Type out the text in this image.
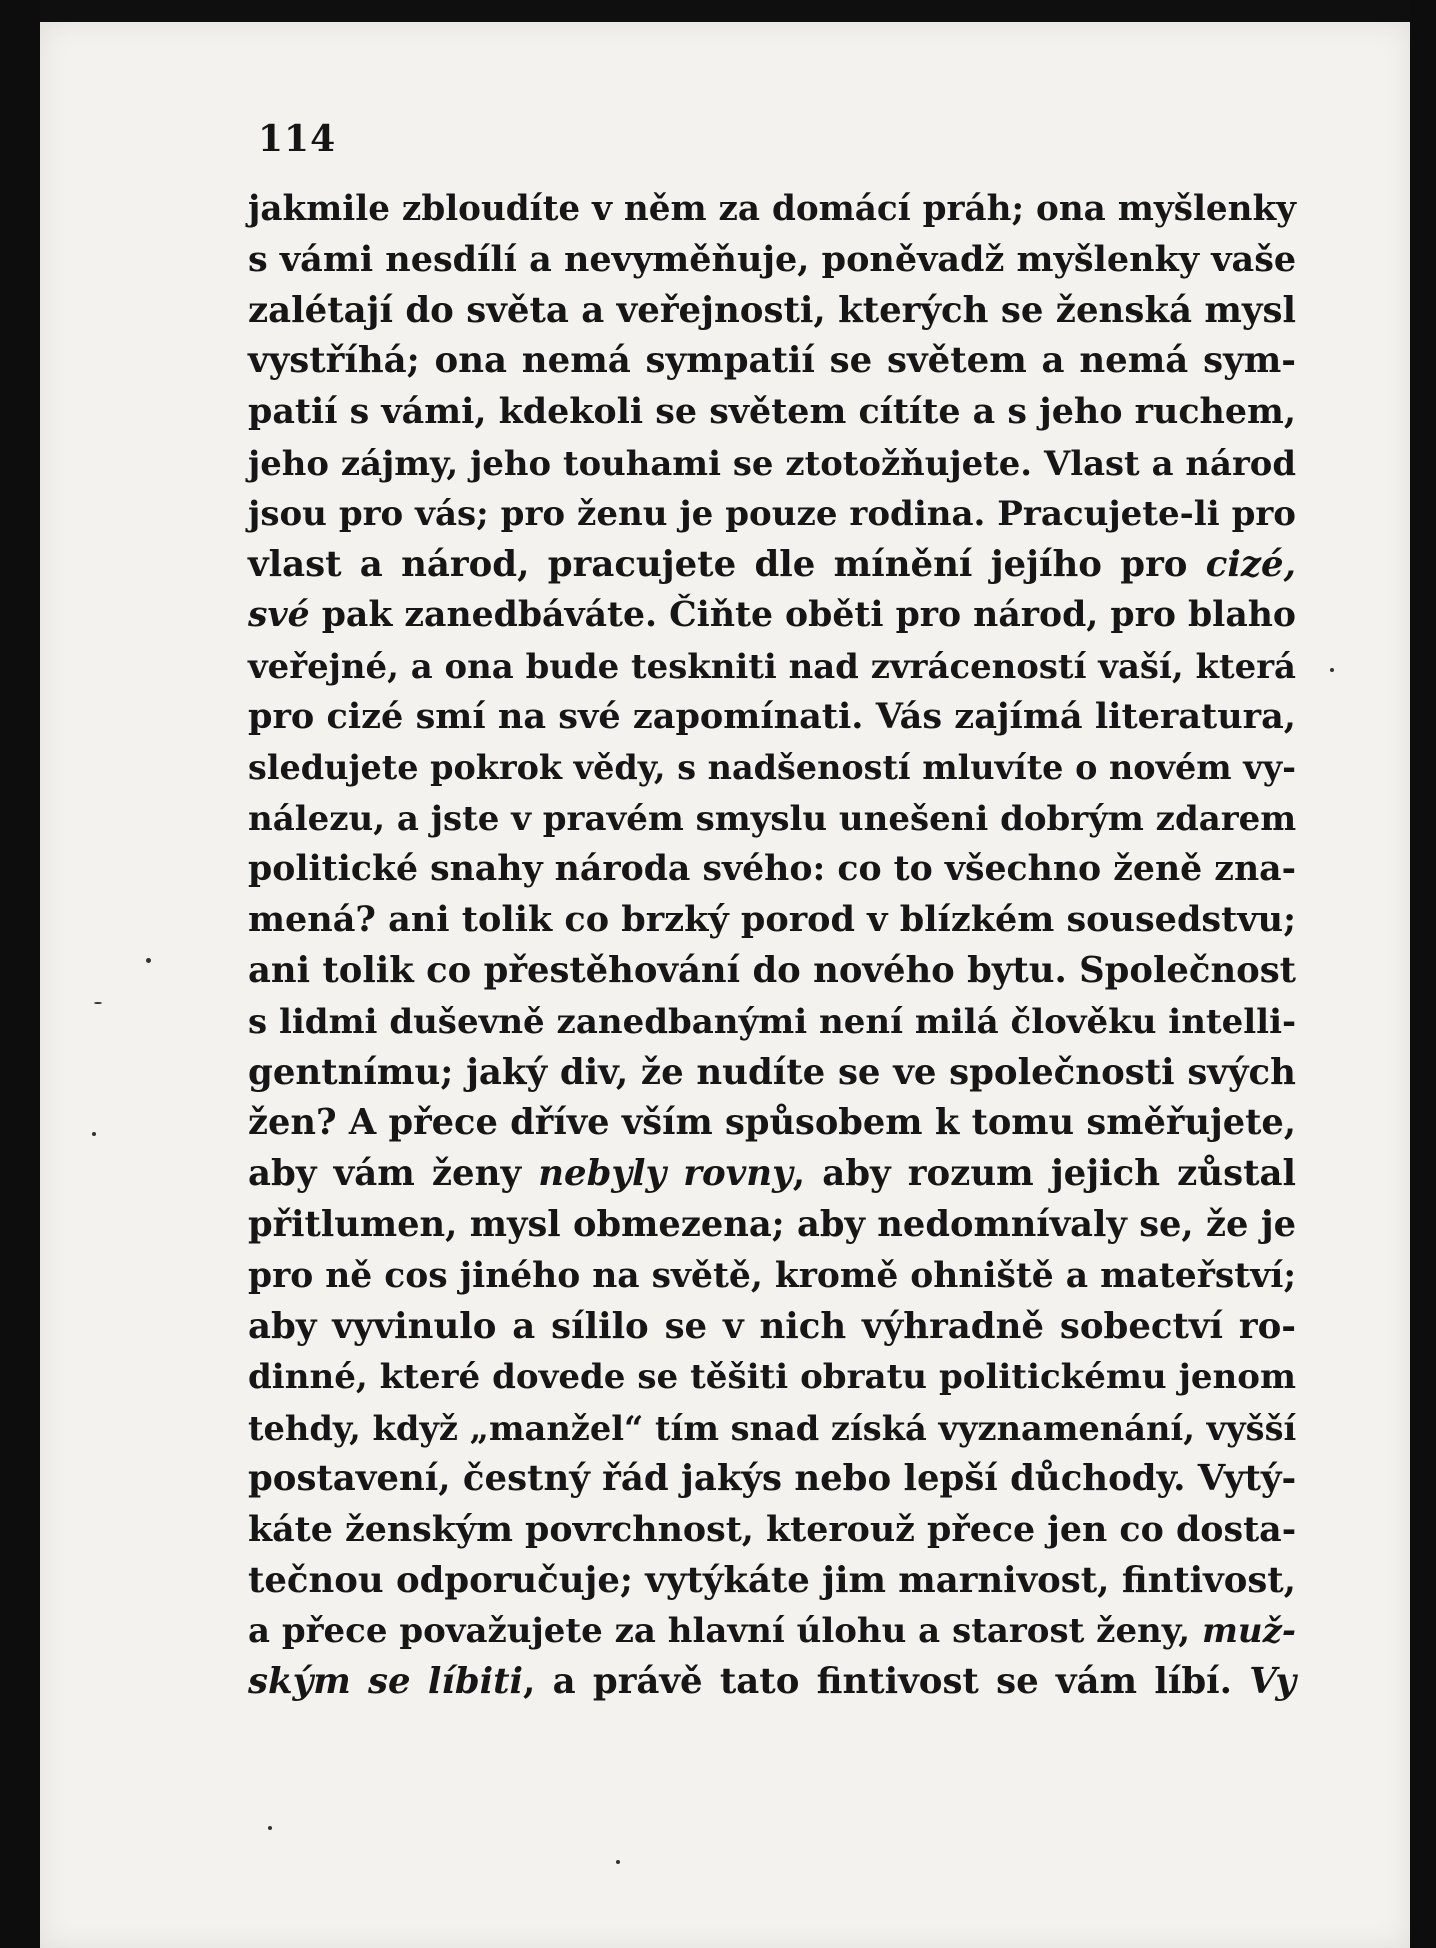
114
jakmile zbloudíte v něm za domácí práh; ona myšlenky
s vámi nesdílí a nevyměňuje, poněvadž myšlenky vaše
zalétají do světa a veřejnosti, kterých se ženská mysl
vystříhá; ona nemá sympatií se světem a nemá sym-
patií s vámi, kdekoli se světem cítíte a s jeho ruchem,
jeho zájmy, jeho touhami se ztotožňujete. Vlast a národ
jsou pro vás; pro ženu je pouze rodina. Pracujete-li pro
vlast a národ, pracujete dle mínění jejího pro cizé,
své pak zanedbáváte. Čiňte oběti pro národ, pro blaho
veřejné, a ona bude teskniti nad zvráceností vaší, která
pro cizé smí na své zapomínati. Vás zajímá literatura,
sledujete pokrok vědy, s nadšeností mluvíte o novém vy-
nálezu, a jste v pravém smyslu unešeni dobrým zdarem
politické snahy národa svého: co to všechno ženě zna-
mená? ani tolik co brzký porod v blízkém sousedstvu;
ani tolik co přestěhování do nového bytu. Společnost
s lidmi duševně zanedbanými není milá člověku intelli-
gentnímu; jaký div, že nudíte se ve společnosti svých
žen? A přece dříve vším spůsobem k tomu směřujete,
aby vám ženy nebyly rovny, aby rozum jejich zůstal
přitlumen, mysl obmezena; aby nedomnívaly se, že je
pro ně cos jiného na světě, kromě ohniště a mateřství;
aby vyvinulo a sílilo se v nich výhradně sobectví ro-
dinné, které dovede se těšiti obratu politickému jenom
tehdy, když „manžel“ tím snad získá vyznamenání, vyšší
postavení, čestný řád jakýs nebo lepší důchody. Vytý-
káte ženským povrchnost, kterouž přece jen co dosta-
tečnou odporučuje; vytýkáte jim marnivost, fintivost,
a přece považujete za hlavní úlohu a starost ženy, muž-
ským se líbiti, a právě tato fintivost se vám líbí. Vy
